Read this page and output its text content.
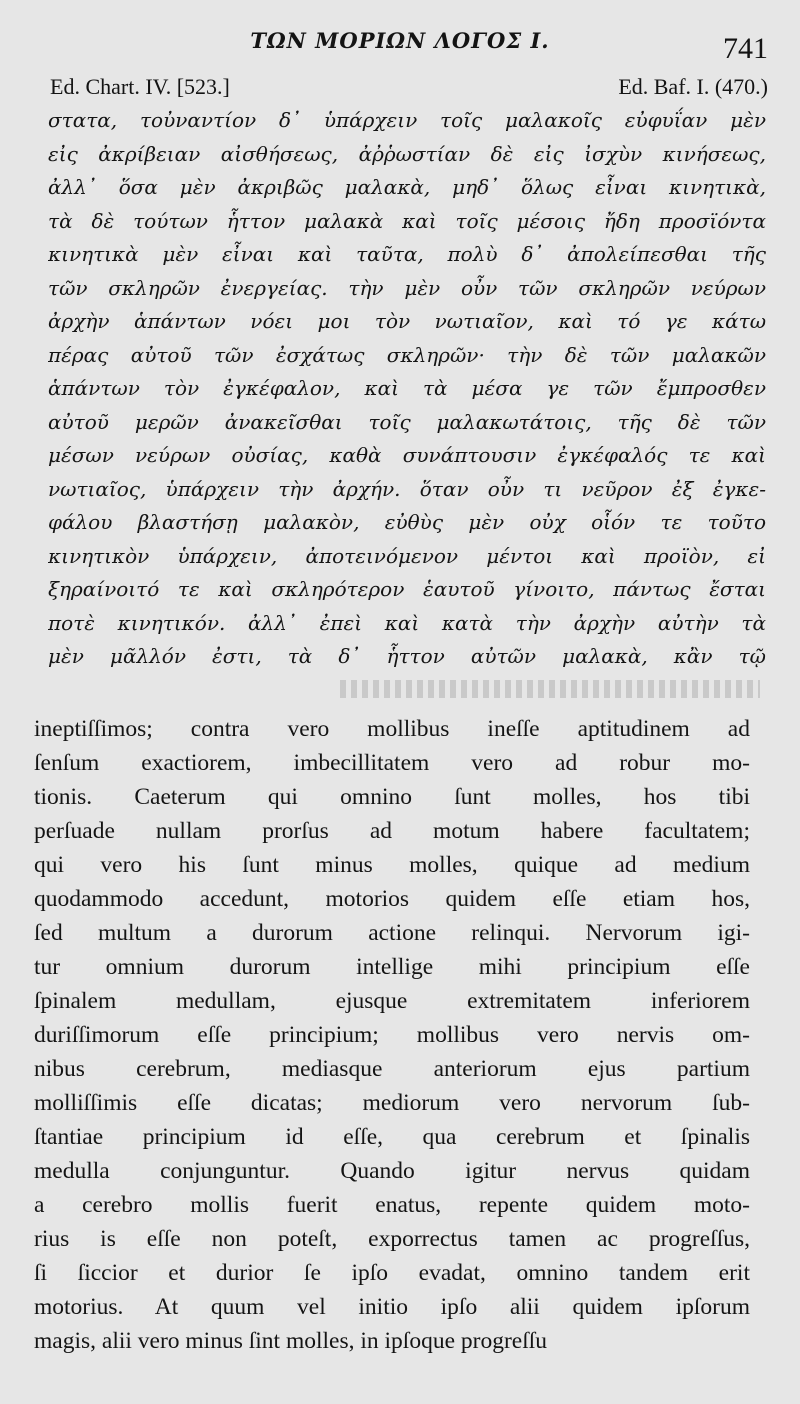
ΤΩΝ ΜΟΡΙΩΝ ΛΟΓΟΣ Ι.	741
Ed. Chart. IV. [523.]	Ed. Baf. I. (470.)
στατα, τοὐναντίον δ᾽ ὑπάρχειν τοῖς μαλακοῖς εὐφυΐαν μὲν
εἰς ἀκρίβειαν αἰσθήσεως, ἀῤῥωστίαν δὲ εἰς ἰσχὺν κινήσεως,
ἀλλ᾽ ὅσα μὲν ἀκριβῶς μαλακὰ, μηδ᾽ ὅλως εἶναι κινητικὰ,
τὰ δὲ τούτων ἧττον μαλακὰ καὶ τοῖς μέσοις ἤδη προσϊόντα
κινητικὰ μὲν εἶναι καὶ ταῦτα, πολὺ δ᾽ ἀπολείπεσθαι τῆς
τῶν σκληρῶν ἐνεργείας. τὴν μὲν οὖν τῶν σκληρῶν νεύρων
ἀρχὴν ἁπάντων νόει μοι τὸν νωτιαῖον, καὶ τό γε κάτω
πέρας αὐτοῦ τῶν ἐσχάτως σκληρῶν· τὴν δὲ τῶν μαλακῶν
ἁπάντων τὸν ἐγκέφαλον, καὶ τὰ μέσα γε τῶν ἔμπροσθεν
αὐτοῦ μερῶν ἀνακεῖσθαι τοῖς μαλακωτάτοις, τῆς δὲ τῶν
μέσων νεύρων οὐσίας, καθὰ συνάπτουσιν ἐγκέφαλός τε καὶ
νωτιαῖος, ὑπάρχειν τὴν ἀρχήν. ὅταν οὖν τι νεῦρον ἐξ ἐγκε-
φάλου βλαστήσῃ μαλακὸν, εὐθὺς μὲν οὐχ οἷόν τε τοῦτο
κινητικὸν ὑπάρχειν, ἀποτεινόμενον μέντοι καὶ προϊὸν, εἰ
ξηραίνοιτό τε καὶ σκληρότερον ἑαυτοῦ γίνοιτο, πάντως ἔσται
ποτὲ κινητικόν. ἀλλ᾽ ἐπεὶ καὶ κατὰ τὴν ἀρχὴν αὐτὴν τὰ
μὲν μᾶλλόν ἐστι, τὰ δ᾽ ἧττον αὐτῶν μαλακὰ, κἂν τῷ
ineptiſſimos; contra vero mollibus ineſſe aptitudinem ad
ſenſum exactiorem, imbecillitatem vero ad robur mo-
tionis. Caeterum qui omnino ſunt molles, hos tibi
perſuade nullam prorſus ad motum habere facultatem;
qui vero his ſunt minus molles, quique ad medium
quodammodo accedunt, motorios quidem eſſe etiam hos,
ſed multum a durorum actione relinqui. Nervorum igi-
tur omnium durorum intellige mihi principium eſſe
ſpinalem medullam, ejusque extremitatem inferiorem
duriſſimorum eſſe principium; mollibus vero nervis om-
nibus cerebrum, mediasque anteriorum ejus partium
molliſſimis eſſe dicatas; mediorum vero nervorum ſub-
ſtantiae principium id eſſe, qua cerebrum et ſpinalis
medulla conjunguntur. Quando igitur nervus quidam
a cerebro mollis fuerit enatus, repente quidem moto-
rius is eſſe non poteſt, exporrectus tamen ac progreſſus,
ſi ſiccior et durior ſe ipſo evadat, omnino tandem erit
motorius. At quum vel initio ipſo alii quidem ipſorum
magis, alii vero minus ſint molles, in ipſoque progreſſu
